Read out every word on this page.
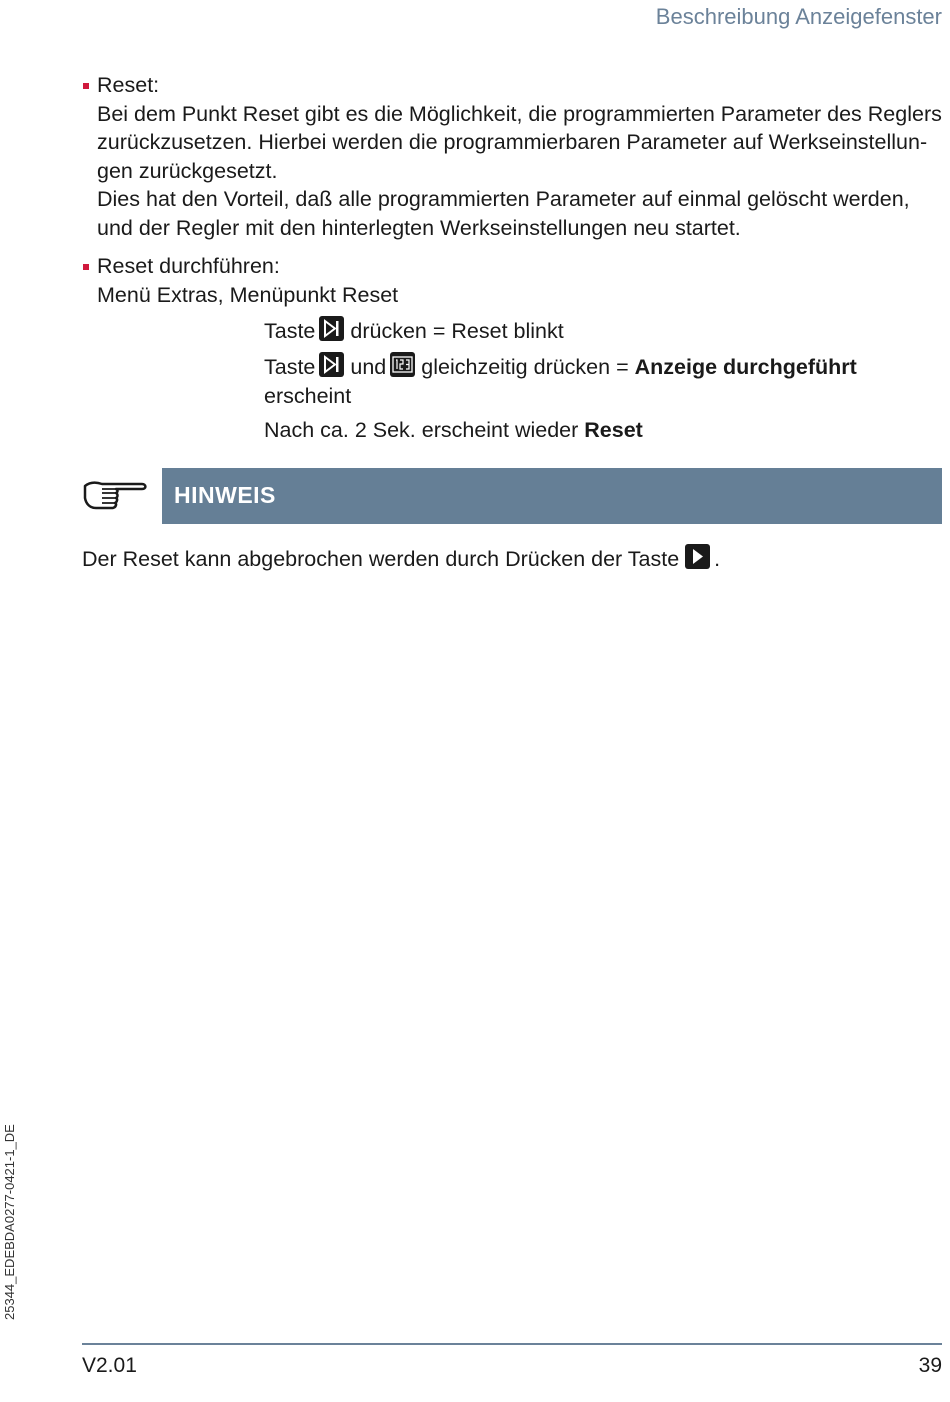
Beschreibung Anzeigefenster
Reset:
Bei dem Punkt Reset gibt es die Möglichkeit, die programmierten Parameter des Reglers
zurückzusetzen. Hierbei werden die programmierbaren Parameter auf Werkseinstellun-
gen zurückgesetzt.
Dies hat den Vorteil, daß alle programmierten Parameter auf einmal gelöscht werden,
und der Regler mit den hinterlegten Werkseinstellungen neu startet.
Reset durchführen:
Menü Extras, Menüpunkt Reset
Taste drücken = Reset blinkt
Taste und gleichzeitig drücken = Anzeige durchgeführt
erscheint
Nach ca. 2 Sek. erscheint wieder Reset
HINWEIS
Der Reset kann abgebrochen werden durch Drücken der Taste .
25344_EDEBDA0277-0421-1_DE
V2.01	39
